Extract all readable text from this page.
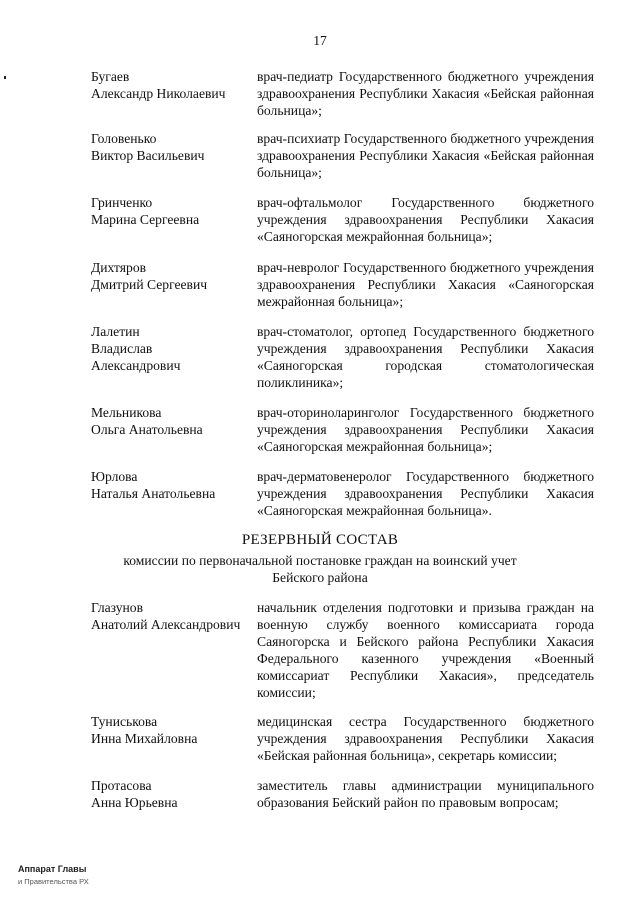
17
Бугаев
Александр Николаевич
врач-педиатр Государственного бюджетного учреждения здравоохранения Республики Хакасия «Бейская районная больница»;
Головенько
Виктор Васильевич
врач-психиатр Государственного бюджетного учреждения здравоохранения Республики Хакасия «Бейская районная больница»;
Гринченко
Марина Сергеевна
врач-офтальмолог Государственного бюджетного учреждения здравоохранения Республики Хакасия «Саяногорская межрайонная больница»;
Дихтяров
Дмитрий Сергеевич
врач-невролог Государственного бюджетного учреждения здравоохранения Республики Хакасия «Саяногорская межрайонная больница»;
Лалетин
Владислав
Александрович
врач-стоматолог, ортопед Государственного бюджетного учреждения здравоохранения Республики Хакасия «Саяногорская городская стоматологическая поликлиника»;
Мельникова
Ольга Анатольевна
врач-оториноларинголог Государственного бюджетного учреждения здравоохранения Республики Хакасия «Саяногорская межрайонная больница»;
Юрлова
Наталья Анатольевна
врач-дерматовенеролог Государственного бюджетного учреждения здравоохранения Республики Хакасия «Саяногорская межрайонная больница».
РЕЗЕРВНЫЙ СОСТАВ
комиссии по первоначальной постановке граждан на воинский учет
Бейского района
Глазунов
Анатолий Александрович
начальник отделения подготовки и призыва граждан на военную службу военного комиссариата города Саяногорска и Бейского района Республики Хакасия Федерального казенного учреждения «Военный комиссариат Республики Хакасия», председатель комиссии;
Туниськова
Инна Михайловна
медицинская сестра Государственного бюджетного учреждения здравоохранения Республики Хакасия «Бейская районная больница», секретарь комиссии;
Протасова
Анна Юрьевна
заместитель главы администрации муниципального образования Бейский район по правовым вопросам;
Аппарат Главы
и Правительства РХ
